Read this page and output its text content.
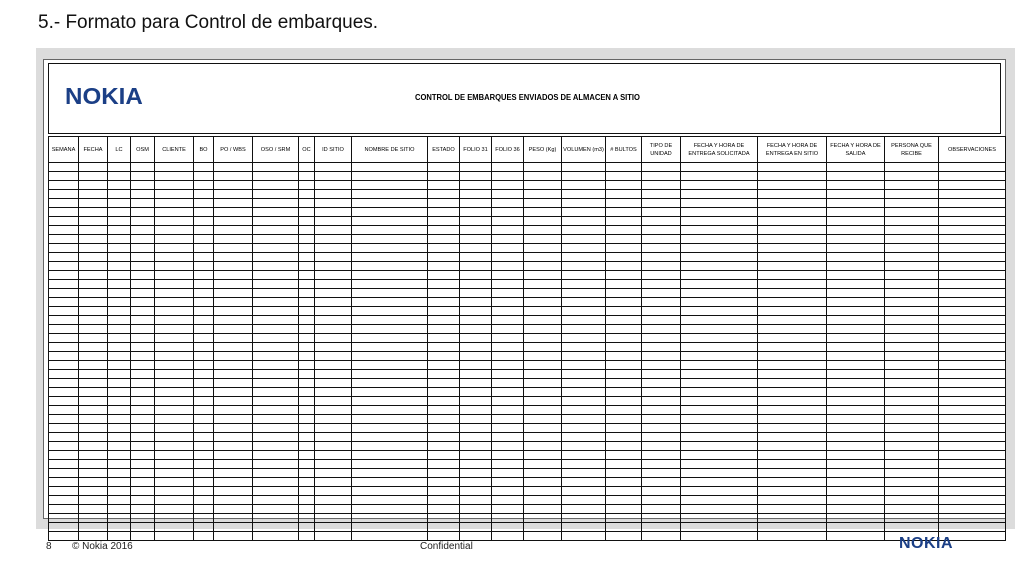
5.- Formato para Control de embarques.
NOKIA	CONTROL DE EMBARQUES ENVIADOS DE ALMACEN A SITIO
SEMANA	FECHA	LC	OSM	CLIENTE	BO	PO / WBS	OSO / SRM	OC	ID SITIO	NOMBRE DE SITIO	ESTADO	FOLIO 31	FOLIO 36	PESO (Kg)	VOLUMEN (m3)	# BULTOS	TIPO DE UNIDAD	FECHA Y HORA DE ENTREGA SOLICITADA	FECHA Y HORA DE ENTREGA EN SITIO	FECHA Y HORA DE SALIDA	PERSONA QUE RECIBE	OBSERVACIONES

8 © Nokia 2016	Confidential	NOKIA
